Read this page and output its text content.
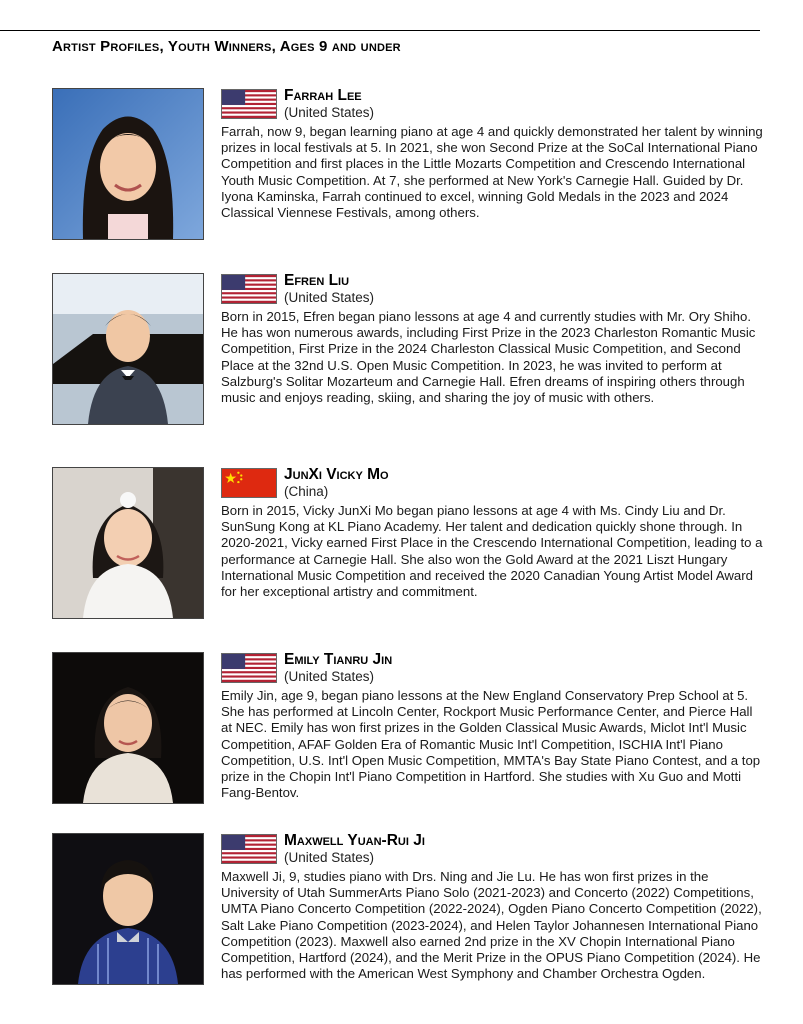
Artist Profiles, Youth Winners, Ages 9 and under
Farrah Lee
(United States)

Farrah, now 9, began learning piano at age 4 and quickly demonstrated her talent by winning prizes in local festivals at 5. In 2021, she won Second Prize at the SoCal International Piano Competition and first places in the Little Mozarts Competition and Crescendo International Youth Music Competition. At 7, she performed at New York's Carnegie Hall. Guided by Dr. Iyona Kaminska, Farrah continued to excel, winning Gold Medals in the 2023 and 2024 Classical Viennese Festivals, among others.

Efren Liu
(United States)

Born in 2015, Efren began piano lessons at age 4 and currently studies with Mr. Ory Shiho. He has won numerous awards, including First Prize in the 2023 Charleston Romantic Music Competition, First Prize in the 2024 Charleston Classical Music Competition, and Second Place at the 32nd U.S. Open Music Competition. In 2023, he was invited to perform at Salzburg's Solitar Mozarteum and Carnegie Hall. Efren dreams of inspiring others through music and enjoys reading, skiing, and sharing the joy of music with others.

JunXi Vicky Mo
(China)

Born in 2015, Vicky JunXi Mo began piano lessons at age 4 with Ms. Cindy Liu and Dr. SunSung Kong at KL Piano Academy. Her talent and dedication quickly shone through. In 2020-2021, Vicky earned First Place in the Crescendo International Competition, leading to a performance at Carnegie Hall. She also won the Gold Award at the 2021 Liszt Hungary International Music Competition and received the 2020 Canadian Young Artist Model Award for her exceptional artistry and commitment.

Emily Tianru Jin
(United States)

Emily Jin, age 9, began piano lessons at the New England Conservatory Prep School at 5. She has performed at Lincoln Center, Rockport Music Performance Center, and Pierce Hall at NEC. Emily has won first prizes in the Golden Classical Music Awards, Miclot Int'l Music Competition, AFAF Golden Era of Romantic Music Int'l Competition, ISCHIA Int'l Piano Competition, U.S. Int'l Open Music Competition, MMTA's Bay State Piano Contest, and a top prize in the Chopin Int'l Piano Competition in Hartford. She studies with Xu Guo and Motti Fang-Bentov.

Maxwell Yuan-Rui Ji
(United States)

Maxwell Ji, 9, studies piano with Drs. Ning and Jie Lu. He has won first prizes in the University of Utah SummerArts Piano Solo (2021-2023) and Concerto (2022) Competitions, UMTA Piano Concerto Competition (2022-2024), Ogden Piano Concerto Competition (2022), Salt Lake Piano Competition (2023-2024), and Helen Taylor Johannesen International Piano Competition (2023). Maxwell also earned 2nd prize in the XV Chopin International Piano Competition, Hartford (2024), and the Merit Prize in the OPUS Piano Competition (2024). He has performed with the American West Symphony and Chamber Orchestra Ogden.
